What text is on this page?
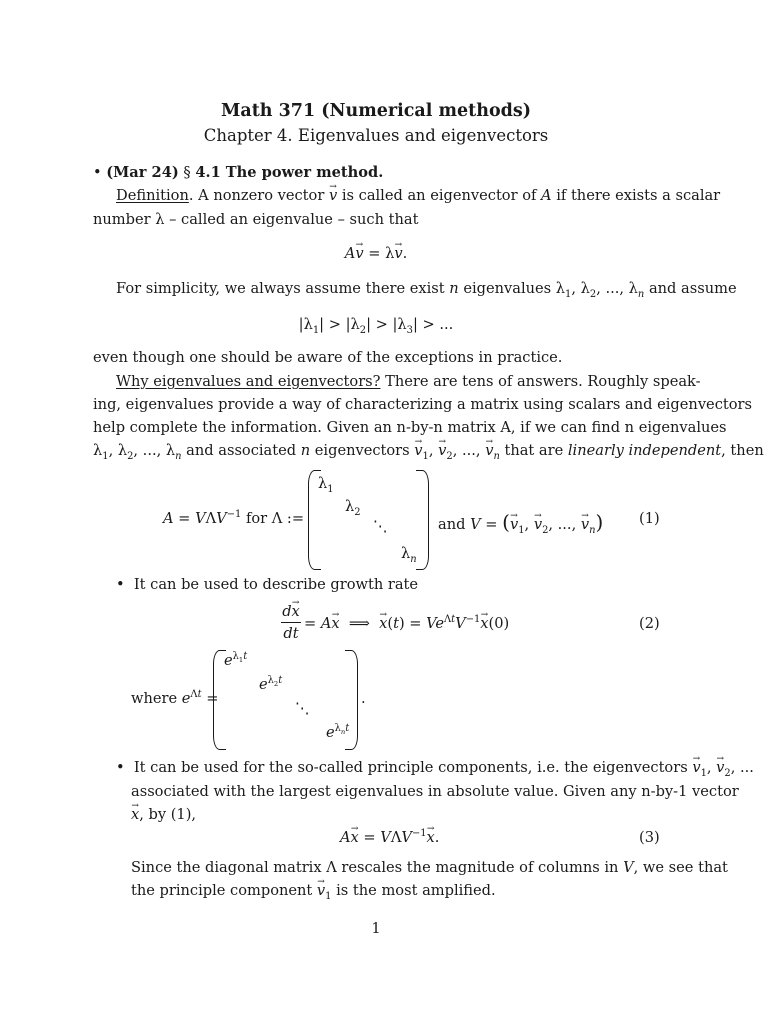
Math 371 (Numerical methods)
Chapter 4. Eigenvalues and eigenvectors
• (Mar 24) § 4.1 The power method.
Definition. A nonzero vector → v is called an eigenvector of A if there exists a scalar
number λ – called an eigenvalue – such that
A→ v = λ→ v.
For simplicity, we always assume there exist n eigenvalues $\lambda_1$, $\lambda_2$, ..., $\lambda_n$ and assume
$|\lambda_1| > |\lambda_2| > |\lambda_3|$ > ...
even though one should be aware of the exceptions in practice.
Why eigenvalues and eigenvectors? There are tens of answers. Roughly speak-
ing, eigenvalues provide a way of characterizing a matrix using scalars and eigenvectors
help complete the information. Given an n-by-n matrix A, if we can find n eigenvalues
$\lambda_1$, $\lambda_2$, ..., $\lambda_n$ and associated n eigenvectors → $v_1$, → $v_2$, ..., → $v_n$ that are linearly independent, then
$A = V\Lambda V^{-1}$ for Λ :=
$\lambda_1$
$\lambda_2$
⋱
$\lambda_n$
and V = (→ $v_1$, → $v_2$, ..., → $v_n$) (1)
• It can be used to describe growth rate
d→ x
dt
= A→ x  ⟹  → $x(t) = Ve^{\Lambda t}V^{-1}\to x(0)$	(2)
where $e^{\Lambda t}$ =
$e^{\lambda_1t}$
$e^{\lambda_2t}$
⋱
$e^{\lambda_nt}$
.
• It can be used for the so-called principle components, i.e. the eigenvectors → $v_1$, → $v_2$, ...
associated with the largest eigenvalues in absolute value. Given any n-by-1 vector
→ x, by (1),
$A\to x = V\Lambda V^{-1}\to x$.	(3)
Since the diagonal matrix Λ rescales the magnitude of columns in V, we see that
the principle component → $v_1$ is the most amplified.
1
